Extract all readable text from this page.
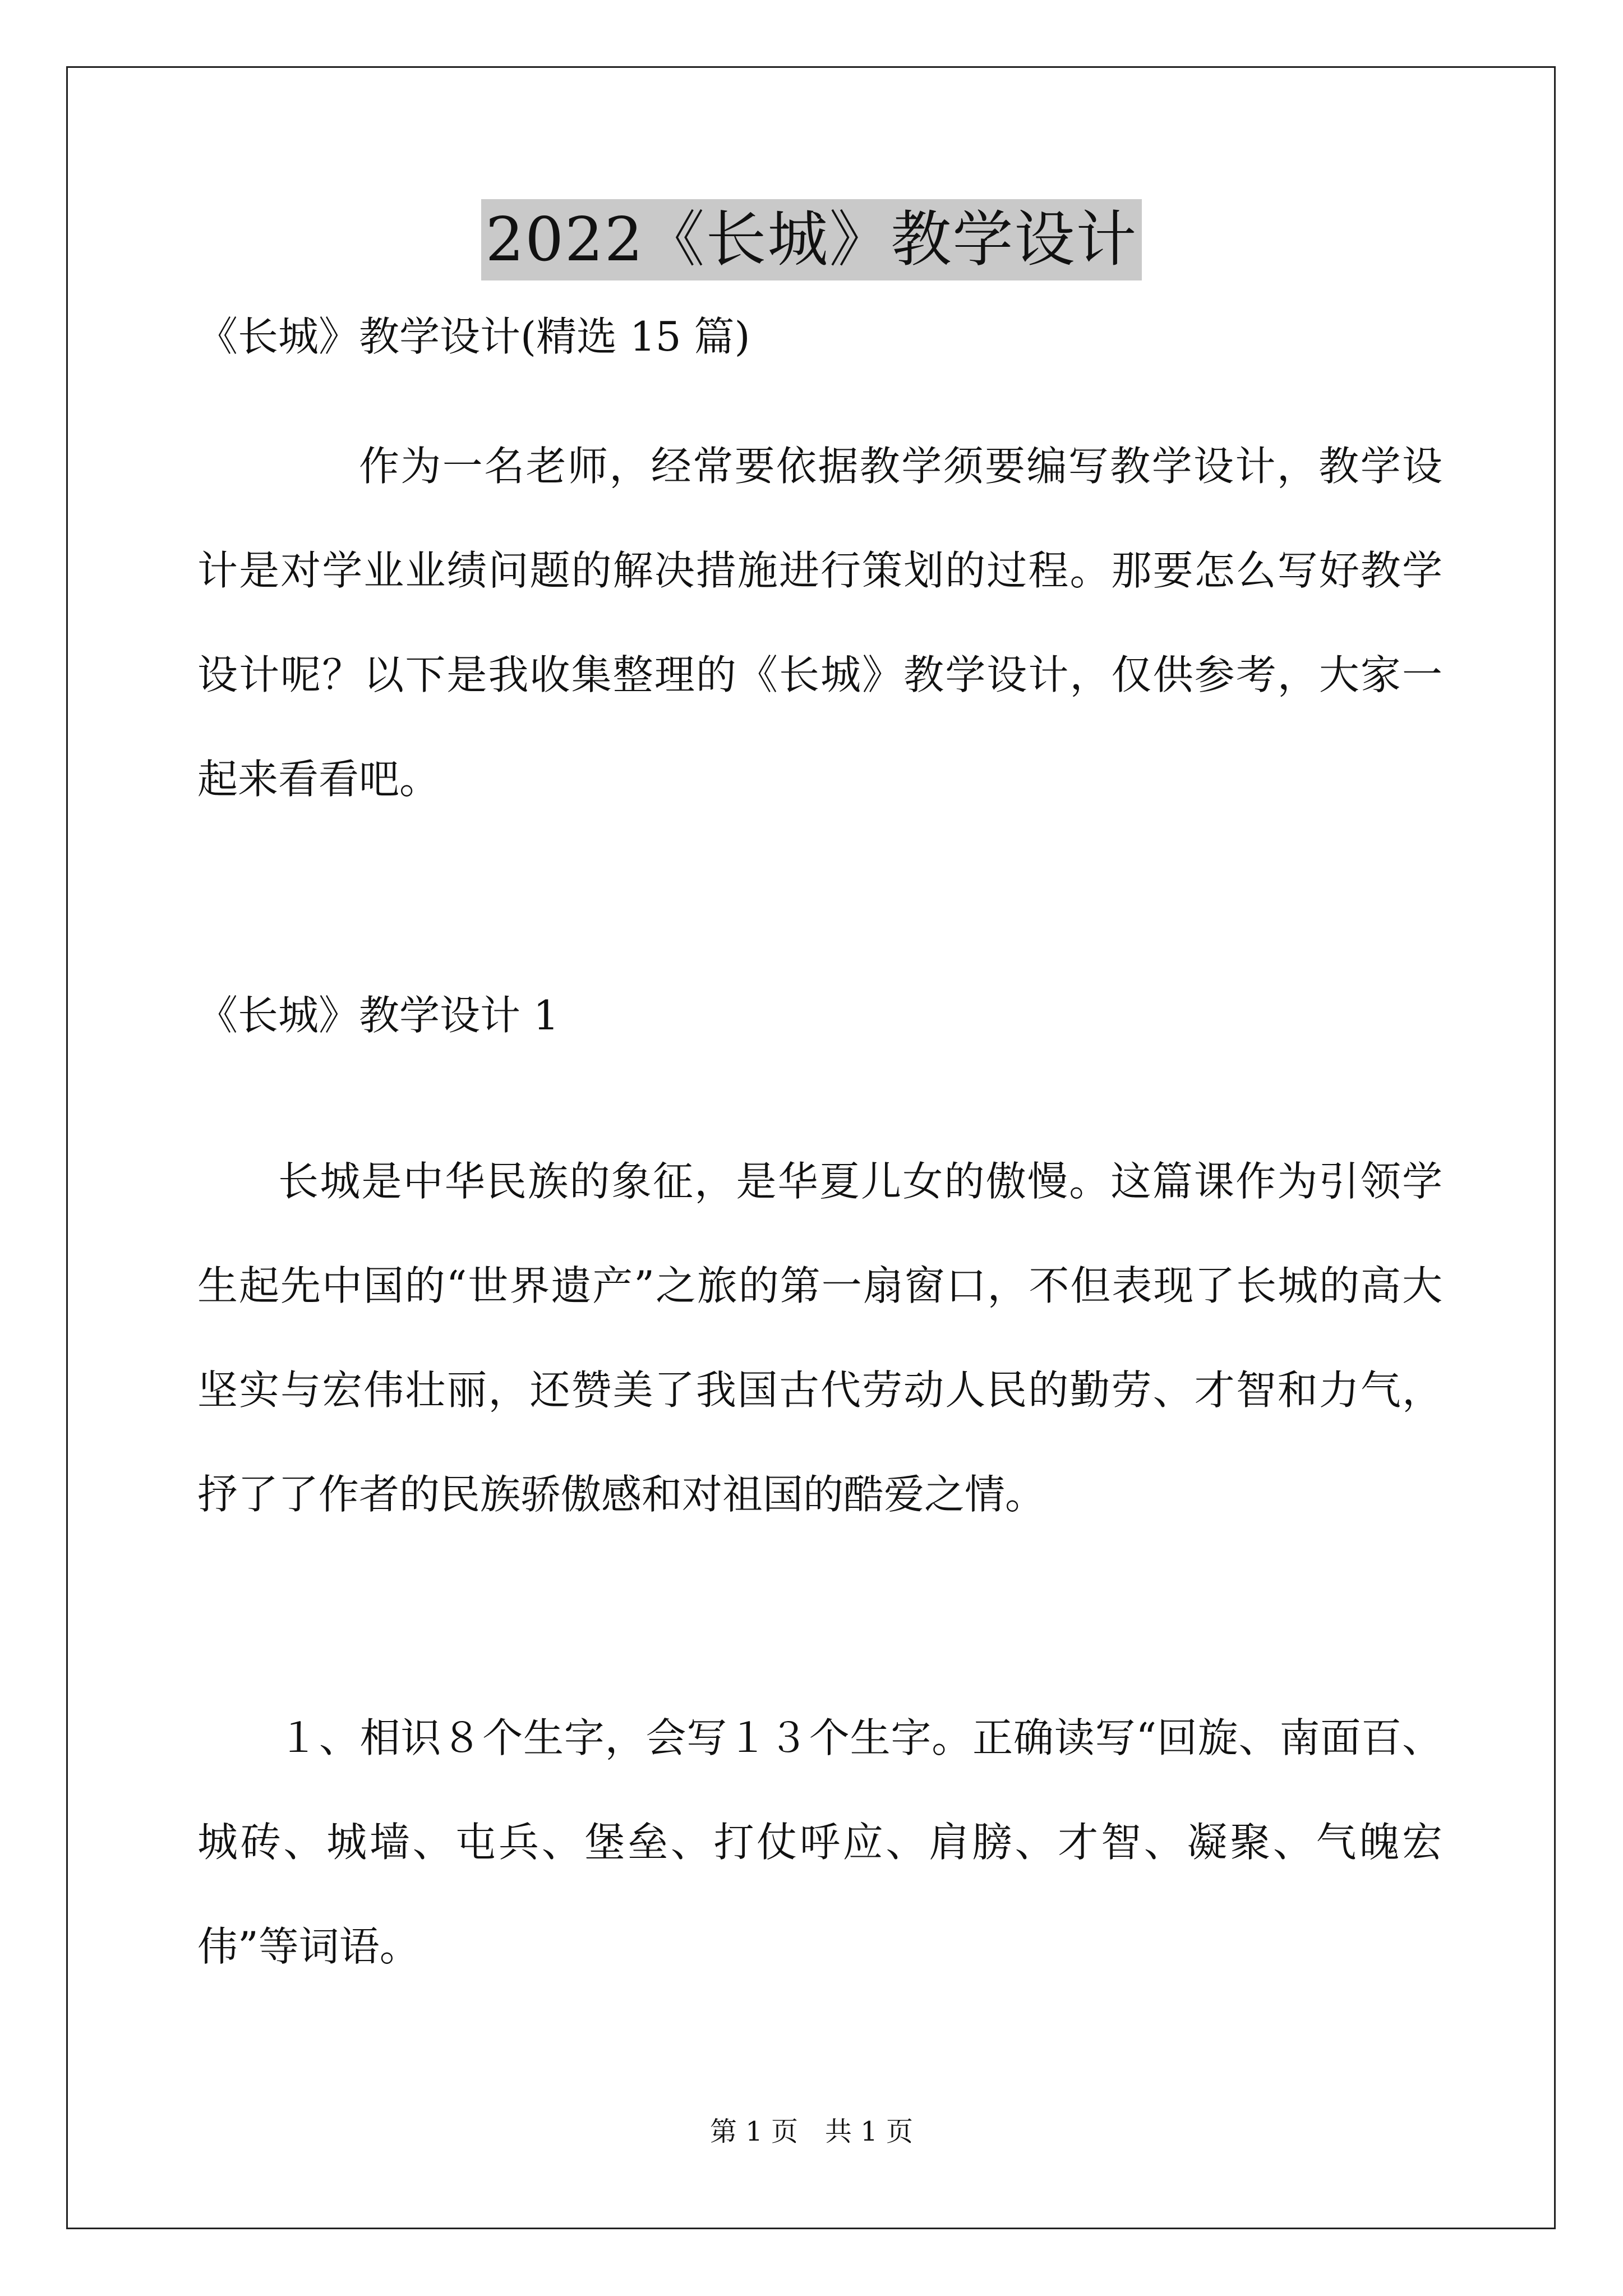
2022《长城》教学设计
《长城》教学设计(精选 15 篇)
作为一名老师，经常要依据教学须要编写教学设计，教学设计是对学业业绩问题的解决措施进行策划的过程。那要怎么写好教学设计呢？以下是我收集整理的《长城》教学设计，仅供参考，大家一起来看看吧。
《长城》教学设计 1
长城是中华民族的象征，是华夏儿女的傲慢。这篇课作为引领学生起先中国的“世界遗产”之旅的第一扇窗口，不但表现了长城的高大坚实与宏伟壮丽，还赞美了我国古代劳动人民的勤劳、才智和力气，抒了了作者的民族骄傲感和对祖国的酷爱之情。
１、相识８个生字，会写１３个生字。正确读写“回旋、南面百、城砖、城墙、屯兵、堡垒、打仗呼应、肩膀、才智、凝聚、气魄宏伟”等词语。
第 1 页　共 1 页
